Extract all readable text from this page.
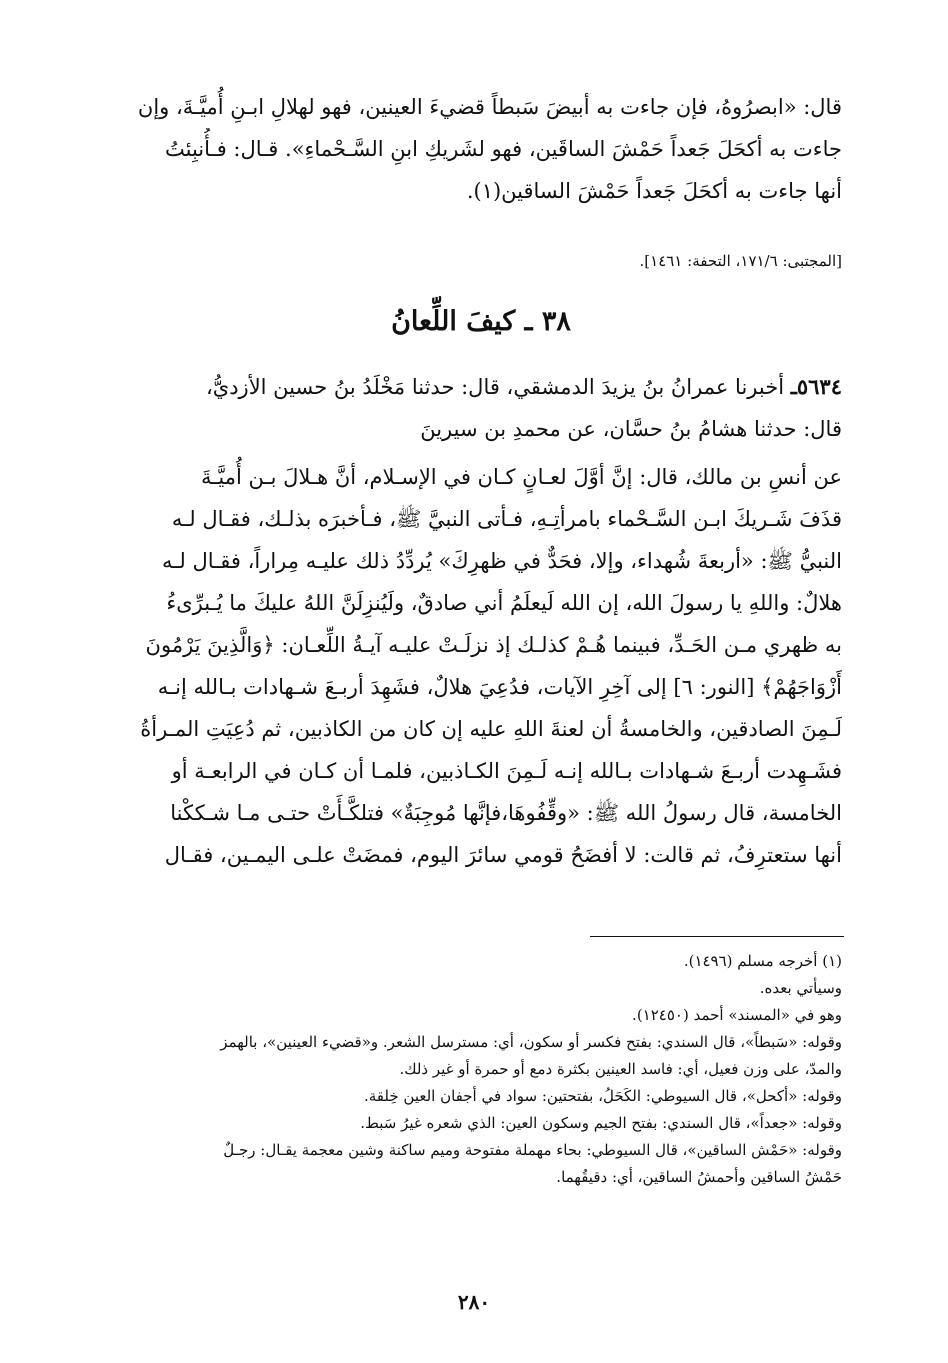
قال: «ابصرُوهُ، فإن جاءت به أبيضَ سَبطاً قضيءَ العينين، فهو لهلالِ ابـنِ أُميَّـةَ، وإن
جاءت به أكحَلَ جَعداً حَمْشَ الساقَين، فهو لشَريكِ ابنِ السَّـحْماءِ». قـال: فـأُنبِئتُ
أنها جاءت به أكحَلَ جَعداً حَمْشَ الساقين(١).
[المجتبى: ١٧١/٦، التحفة: ١٤٦١].
٣٨ ـ كيفَ اللِّعانُ
٥٦٣٤ـ أخبرنا عمرانُ بنُ يزيدَ الدمشقي، قال: حدثنا مَخْلَدُ بنُ حسين الأزديُّ،
قال: حدثنا هشامُ بنُ حسَّان، عن محمدِ بن سيرينَ
عن أنسِ بن مالك، قال: إنَّ أوَّلَ لعـانٍ كـان في الإسـلام، أنَّ هـلالَ بـن أُميَّـةَ
قذَفَ شَـريكَ ابـن السَّـحْماء بامرأتِـهِ، فـأتى النبيَّ ﷺ، فـأخبرَه بذلـك، فقـال لـه
النبيُّ ﷺ: «أربعةَ شُهداء، وإلا، فحَدٌّ في ظهرِكَ» يُردِّدُ ذلك عليـه مِراراً، فقـال لـه
هلالٌ: واللهِ يا رسولَ الله، إن الله لَيعلَمُ أني صادقٌ، ولَيُنزِلَنَّ اللهُ عليكَ ما يُـبرِّىءُ
به ظهري مـن الحَـدِّ، فبينما هُـمْ كذلـك إذ نزلَـتْ عليـه آيـةُ اللِّعـان: ﴿وَالَّذِينَ يَرْمُونَ
أَزْوَاجَهُمْ﴾ [النور: ٦] إلى آخِرِ الآيات، فدُعِيَ هلالٌ، فشَهِدَ أربـعَ شـهادات بـالله إنـه
لَـمِنَ الصادقين، والخامسةُ أن لعنةَ اللهِ عليه إن كان من الكاذبين، ثم دُعِيَتِ المـرأةُ
فشَـهِدت أربـعَ شـهادات بـالله إنـه لَـمِنَ الكـاذبين، فلمـا أن كـان في الرابعـة أو
الخامسة، قال رسولُ الله ﷺ: «وقِّفُوهَا،فإنَّها مُوجِبَةٌ» فتلكَّـأَتْ حتـى مـا شـككْنا
أنها ستعترِفُ، ثم قالت: لا أفضَحُ قومي سائرَ اليوم، فمضَتْ علـى اليمـين، فقـال
(١) أخرجه مسلم (١٤٩٦).
وسيأتي بعده.
وهو في «المسند» أحمد (١٢٤٥٠).
وقوله: «سَبطاً»، قال السندي: بفتح فكسر أو سكون، أي: مسترسل الشعر. و«قضيء العينين»، بالهمز
والمدّ، على وزن فعيل، أي: فاسد العينين بكثرة دمع أو حمرة أو غير ذلك.
وقوله: «أكحل»، قال السيوطي: الكَحَلُ، بفتحتين: سواد في أجفان العين خِلقة.
وقوله: «جعداً»، قال السندي: بفتح الجيم وسكون العين: الذي شعره غيرُ سَبط.
وقوله: «حَمْش الساقين»، قال السيوطي: بحاء مهملة مفتوحة وميم ساكنة وشين معجمة يقـال: رجـلٌ
حَمْشُ الساقين وأحمشُ الساقين، أي: دقيقُهما.
٢٨٠
